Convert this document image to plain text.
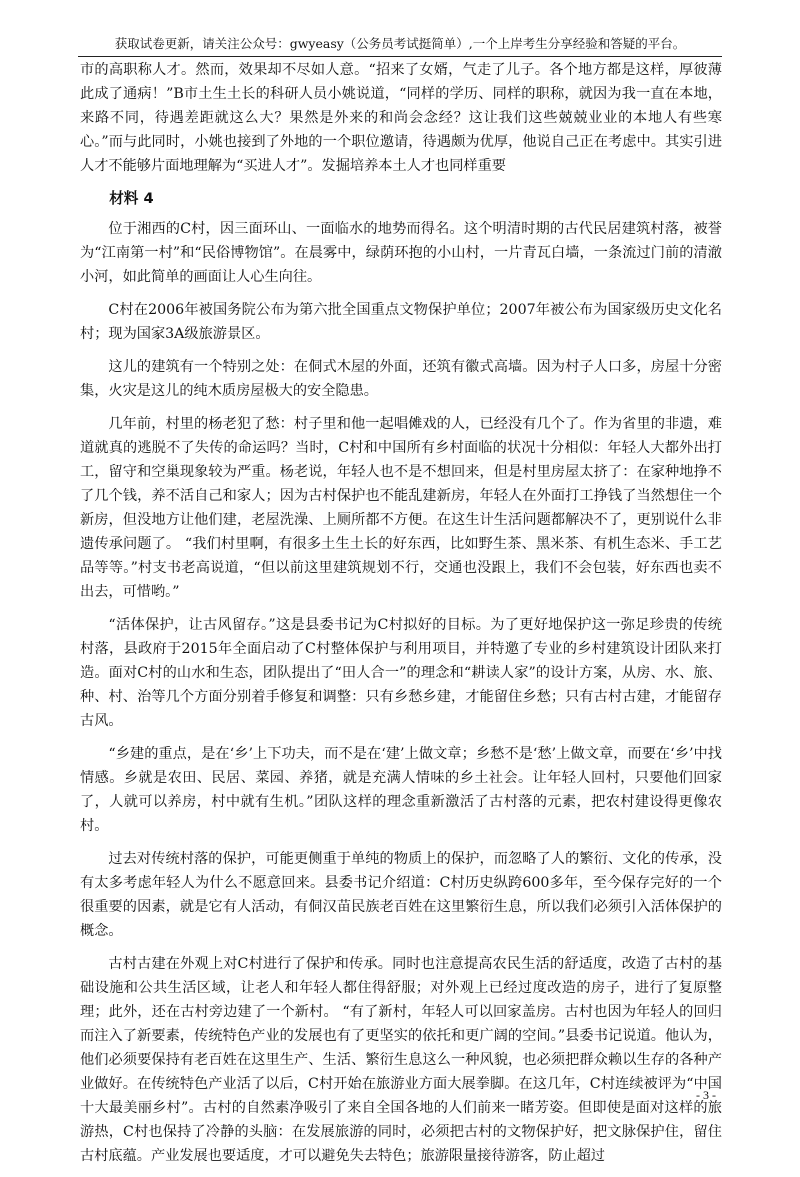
获取试卷更新，请关注公众号：gwyeasy（公务员考试挺简单）,一个上岸考生分享经验和答疑的平台。

市的高职称人才。然而，效果却不尽如人意。“招来了女婿，气走了儿子。各个地方都是这样，厚彼薄此成了通病！”B市土生土长的科研人员小姚说道，“同样的学历、同样的职称，就因为我一直在本地，来路不同，待遇差距就这么大？果然是外来的和尚会念经？这让我们这些兢兢业业的本地人有些寒心。”而与此同时，小姚也接到了外地的一个职位邀请，待遇颇为优厚，他说自己正在考虑中。其实引进人才不能够片面地理解为“买进人才”。发掘培养本土人才也同样重要

材料 4

位于湘西的C村，因三面环山、一面临水的地势而得名。这个明清时期的古代民居建筑村落，被誉为“江南第一村”和“民俗博物馆”。在晨雾中，绿荫环抱的小山村，一片青瓦白墙，一条流过门前的清澈小河，如此简单的画面让人心生向往。

C村在2006年被国务院公布为第六批全国重点文物保护单位；2007年被公布为国家级历史文化名村；现为国家3A级旅游景区。

这儿的建筑有一个特别之处：在侗式木屋的外面，还筑有徽式高墙。因为村子人口多，房屋十分密集，火灾是这儿的纯木质房屋极大的安全隐患。

几年前，村里的杨老犯了愁：村子里和他一起唱傩戏的人，已经没有几个了。作为省里的非遗，难道就真的逃脱不了失传的命运吗？当时，C村和中国所有乡村面临的状况十分相似：年轻人大都外出打工，留守和空巢现象较为严重。杨老说，年轻人也不是不想回来，但是村里房屋太挤了：在家种地挣不了几个钱，养不活自己和家人；因为古村保护也不能乱建新房，年轻人在外面打工挣钱了当然想住一个新房，但没地方让他们建，老屋洗澡、上厕所都不方便。在这生计生活问题都解决不了，更别说什么非遗传承问题了。 “我们村里啊，有很多土生土长的好东西，比如野生茶、黑米茶、有机生态米、手工艺品等等。”村支书老高说道，“但以前这里建筑规划不行，交通也没跟上，我们不会包装，好东西也卖不出去，可惜哟。”

“活体保护，让古风留存。”这是县委书记为C村拟好的目标。为了更好地保护这一弥足珍贵的传统村落，县政府于2015年全面启动了C村整体保护与利用项目，并特邀了专业的乡村建筑设计团队来打造。面对C村的山水和生态，团队提出了“田人合一”的理念和“耕读人家”的设计方案，从房、水、旅、种、村、治等几个方面分别着手修复和调整：只有乡愁乡建，才能留住乡愁；只有古村古建，才能留存古风。

“乡建的重点，是在‘乡’上下功夫，而不是在‘建’上做文章；乡愁不是‘愁’上做文章，而要在‘乡’中找情感。乡就是农田、民居、菜园、养猪，就是充满人情味的乡土社会。让年轻人回村，只要他们回家了，人就可以养房，村中就有生机。”团队这样的理念重新激活了古村落的元素，把农村建设得更像农村。

过去对传统村落的保护，可能更侧重于单纯的物质上的保护，而忽略了人的繁衍、文化的传承，没有太多考虑年轻人为什么不愿意回来。县委书记介绍道：C村历史纵跨600多年，至今保存完好的一个很重要的因素，就是它有人活动，有侗汉苗民族老百姓在这里繁衍生息，所以我们必须引入活体保护的概念。

古村古建在外观上对C村进行了保护和传承。同时也注意提高农民生活的舒适度，改造了古村的基础设施和公共生活区域，让老人和年轻人都住得舒服；对外观上已经过度改造的房子，进行了复原整理；此外，还在古村旁边建了一个新村。 “有了新村，年轻人可以回家盖房。古村也因为年轻人的回归而注入了新要素，传统特色产业的发展也有了更坚实的依托和更广阔的空间。”县委书记说道。他认为，他们必须要保持有老百姓在这里生产、生活、繁衍生息这么一种风貌，也必须把群众赖以生存的各种产业做好。在传统特色产业活了以后，C村开始在旅游业方面大展拳脚。在这几年，C村连续被评为“中国十大最美丽乡村”。古村的自然素净吸引了来自全国各地的人们前来一睹芳姿。但即使是面对这样的旅游热，C村也保持了冷静的头脑：在发展旅游的同时，必须把古村的文物保护好，把文脉保护住，留住古村底蕴。产业发展也要适度，才可以避免失去特色；旅游限量接待游客，防止超过

- 3 -
